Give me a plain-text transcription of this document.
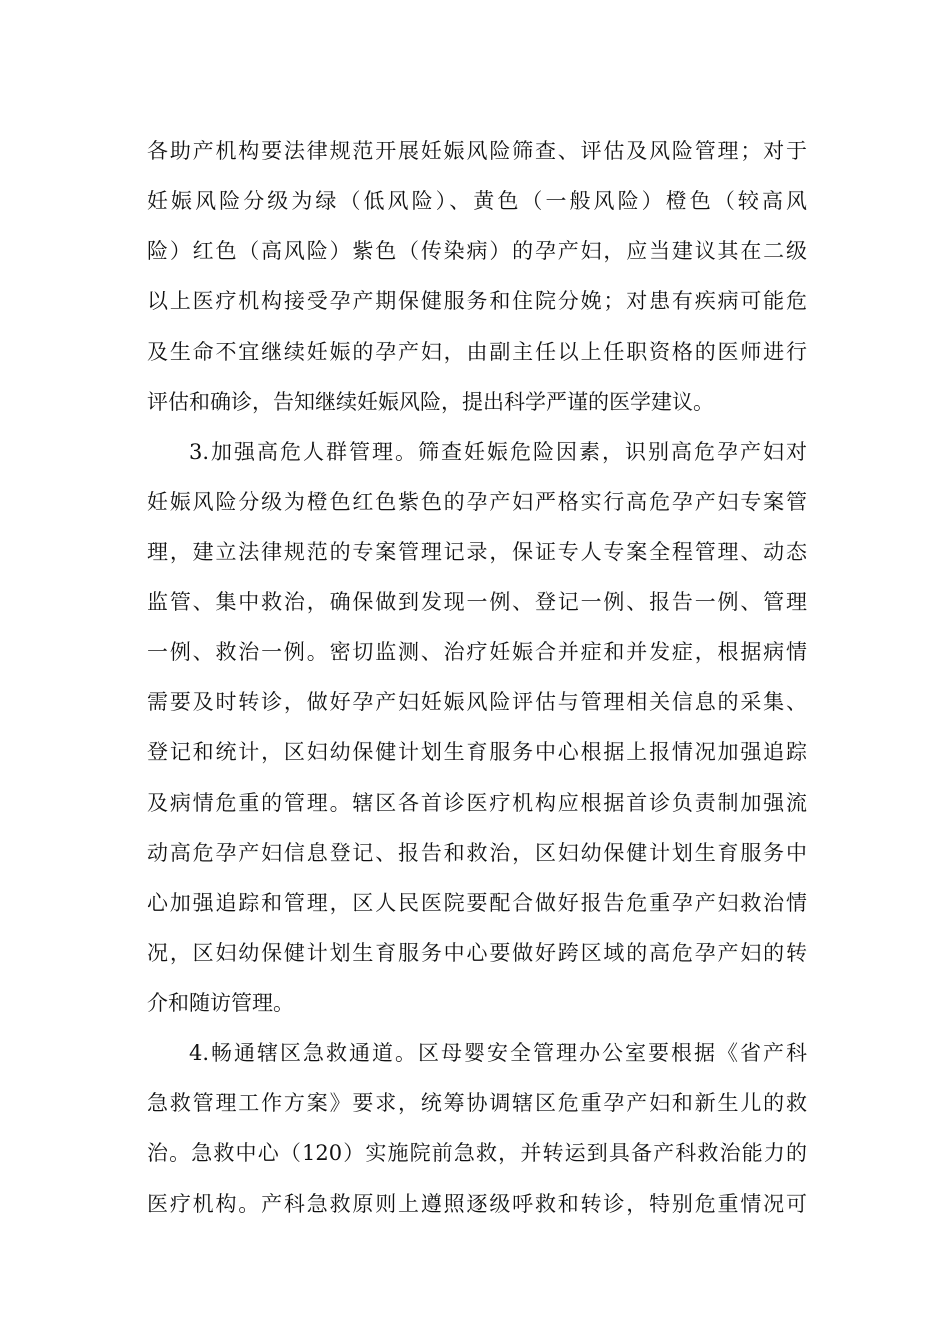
各助产机构要法律规范开展妊娠风险筛查、评估及风险管理；对于
妊娠风险分级为绿（低风险）、黄色（一般风险）橙色（较高风
险）红色（高风险）紫色（传染病）的孕产妇，应当建议其在二级
以上医疗机构接受孕产期保健服务和住院分娩；对患有疾病可能危
及生命不宜继续妊娠的孕产妇，由副主任以上任职资格的医师进行
评估和确诊，告知继续妊娠风险，提出科学严谨的医学建议。
3.加强高危人群管理。筛查妊娠危险因素，识别高危孕产妇对
妊娠风险分级为橙色红色紫色的孕产妇严格实行高危孕产妇专案管
理，建立法律规范的专案管理记录，保证专人专案全程管理、动态
监管、集中救治，确保做到发现一例、登记一例、报告一例、管理
一例、救治一例。密切监测、治疗妊娠合并症和并发症，根据病情
需要及时转诊，做好孕产妇妊娠风险评估与管理相关信息的采集、
登记和统计，区妇幼保健计划生育服务中心根据上报情况加强追踪
及病情危重的管理。辖区各首诊医疗机构应根据首诊负责制加强流
动高危孕产妇信息登记、报告和救治，区妇幼保健计划生育服务中
心加强追踪和管理，区人民医院要配合做好报告危重孕产妇救治情
况，区妇幼保健计划生育服务中心要做好跨区域的高危孕产妇的转
介和随访管理。
4.畅通辖区急救通道。区母婴安全管理办公室要根据《省产科
急救管理工作方案》要求，统筹协调辖区危重孕产妇和新生儿的救
治。急救中心（120）实施院前急救，并转运到具备产科救治能力的
医疗机构。产科急救原则上遵照逐级呼救和转诊，特别危重情况可
